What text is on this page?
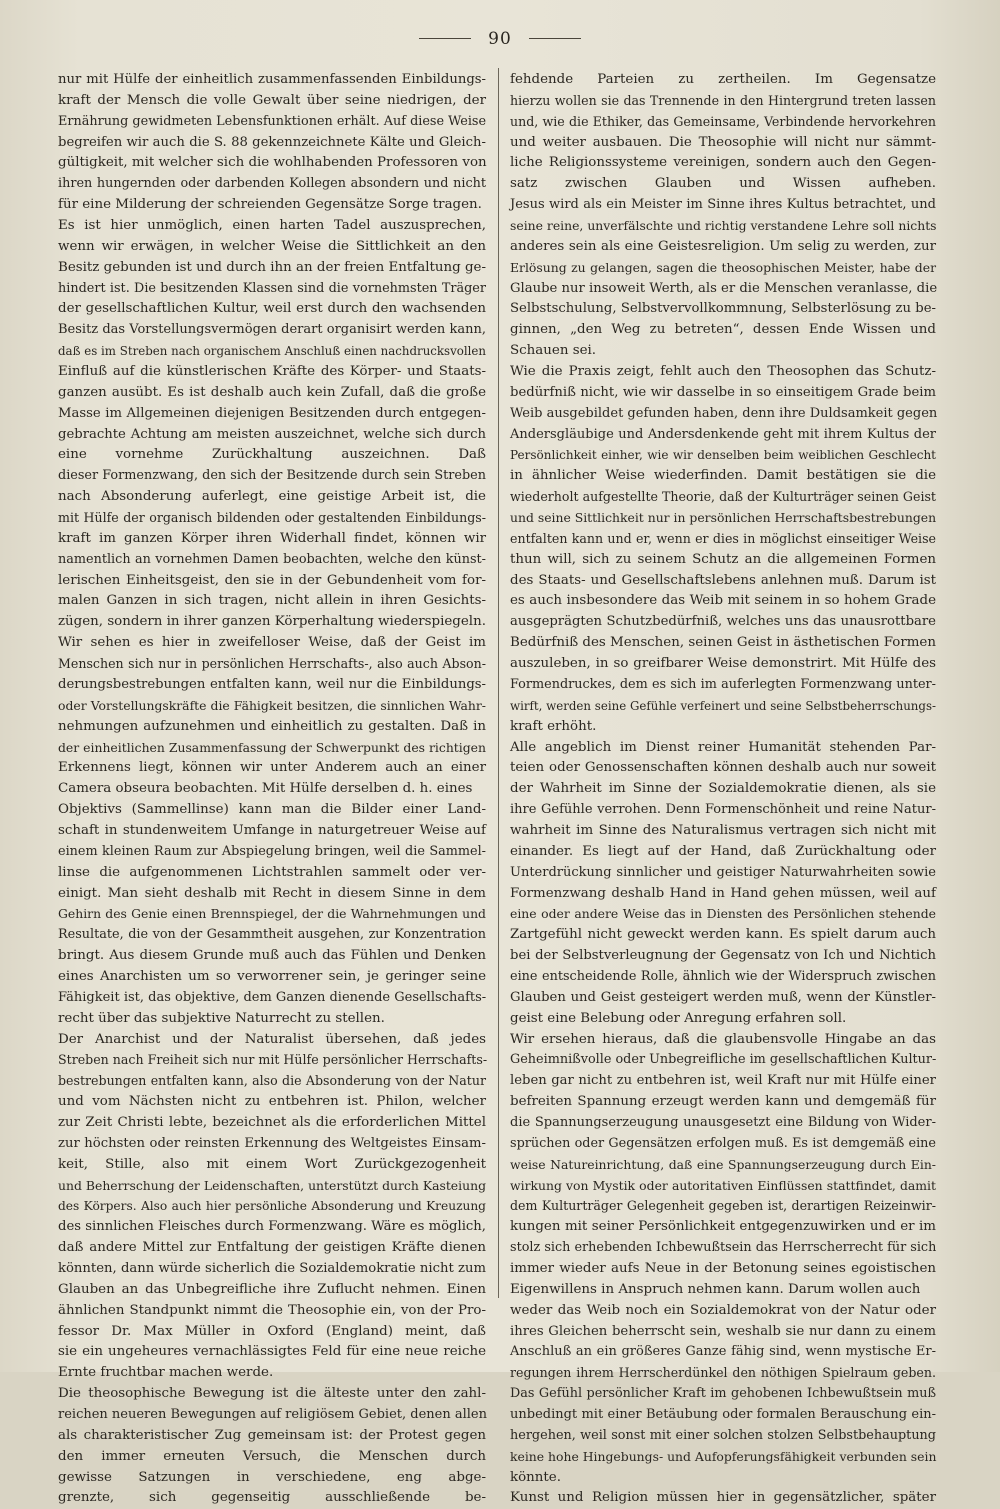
90
nur mit Hülfe der einheitlich zusammenfassenden Einbildungs-
kraft der Mensch die volle Gewalt über seine niedrigen, der
Ernährung gewidmeten Lebensfunktionen erhält. Auf diese Weise
begreifen wir auch die S. 88 gekennzeichnete Kälte und Gleich-
gültigkeit, mit welcher sich die wohlhabenden Professoren von
ihren hungernden oder darbenden Kollegen absondern und nicht
für eine Milderung der schreienden Gegensätze Sorge tragen.
Es ist hier unmöglich, einen harten Tadel auszusprechen,
wenn wir erwägen, in welcher Weise die Sittlichkeit an den
Besitz gebunden ist und durch ihn an der freien Entfaltung ge-
hindert ist. Die besitzenden Klassen sind die vornehmsten Träger
der gesellschaftlichen Kultur, weil erst durch den wachsenden
Besitz das Vorstellungsvermögen derart organisirt werden kann,
daß es im Streben nach organischem Anschluß einen nachdrucksvollen
Einfluß auf die künstlerischen Kräfte des Körper- und Staats-
ganzen ausübt. Es ist deshalb auch kein Zufall, daß die große
Masse im Allgemeinen diejenigen Besitzenden durch entgegen-
gebrachte Achtung am meisten auszeichnet, welche sich durch
eine vornehme Zurückhaltung auszeichnen. Daß
dieser Formenzwang, den sich der Besitzende durch sein Streben
nach Absonderung auferlegt, eine geistige Arbeit ist, die
mit Hülfe der organisch bildenden oder gestaltenden Einbildungs-
kraft im ganzen Körper ihren Widerhall findet, können wir
namentlich an vornehmen Damen beobachten, welche den künst-
lerischen Einheitsgeist, den sie in der Gebundenheit vom for-
malen Ganzen in sich tragen, nicht allein in ihren Gesichts-
zügen, sondern in ihrer ganzen Körperhaltung wiederspiegeln.
Wir sehen es hier in zweifelloser Weise, daß der Geist im
Menschen sich nur in persönlichen Herrschafts-, also auch Abson-
derungsbestrebungen entfalten kann, weil nur die Einbildungs-
oder Vorstellungskräfte die Fähigkeit besitzen, die sinnlichen Wahr-
nehmungen aufzunehmen und einheitlich zu gestalten. Daß in
der einheitlichen Zusammenfassung der Schwerpunkt des richtigen
Erkennens liegt, können wir unter Anderem auch an einer
Camera obseura beobachten. Mit Hülfe derselben d. h. eines
Objektivs (Sammellinse) kann man die Bilder einer Land-
schaft in stundenweitem Umfange in naturgetreuer Weise auf
einem kleinen Raum zur Abspiegelung bringen, weil die Sammel-
linse die aufgenommenen Lichtstrahlen sammelt oder ver-
einigt. Man sieht deshalb mit Recht in diesem Sinne in dem
Gehirn des Genie einen Brennspiegel, der die Wahrnehmungen und
Resultate, die von der Gesammtheit ausgehen, zur Konzentration
bringt. Aus diesem Grunde muß auch das Fühlen und Denken
eines Anarchisten um so verworrener sein, je geringer seine
Fähigkeit ist, das objektive, dem Ganzen dienende Gesellschafts-
recht über das subjektive Naturrecht zu stellen.
Der Anarchist und der Naturalist übersehen, daß jedes
Streben nach Freiheit sich nur mit Hülfe persönlicher Herrschafts-
bestrebungen entfalten kann, also die Absonderung von der Natur
und vom Nächsten nicht zu entbehren ist. Philon, welcher
zur Zeit Christi lebte, bezeichnet als die erforderlichen Mittel
zur höchsten oder reinsten Erkennung des Weltgeistes Einsam-
keit, Stille, also mit einem Wort Zurückgezogenheit
und Beherrschung der Leidenschaften, unterstützt durch Kasteiung
des Körpers. Also auch hier persönliche Absonderung und Kreuzung
des sinnlichen Fleisches durch Formenzwang. Wäre es möglich,
daß andere Mittel zur Entfaltung der geistigen Kräfte dienen
könnten, dann würde sicherlich die Sozialdemokratie nicht zum
Glauben an das Unbegreifliche ihre Zuflucht nehmen. Einen
ähnlichen Standpunkt nimmt die Theosophie ein, von der Pro-
fessor Dr. Max Müller in Oxford (England) meint, daß
sie ein ungeheures vernachlässigtes Feld für eine neue reiche
Ernte fruchtbar machen werde.
Die theosophische Bewegung ist die älteste unter den zahl-
reichen neueren Bewegungen auf religiösem Gebiet, denen allen
als charakteristischer Zug gemeinsam ist: der Protest gegen
den immer erneuten Versuch, die Menschen durch
gewisse Satzungen in verschiedene, eng abge-
grenzte, sich gegenseitig ausschließende be-
fehdende Parteien zu zertheilen. Im Gegensatze
hierzu wollen sie das Trennende in den Hintergrund treten lassen
und, wie die Ethiker, das Gemeinsame, Verbindende hervorkehren
und weiter ausbauen. Die Theosophie will nicht nur sämmt-
liche Religionssysteme vereinigen, sondern auch den Gegen-
satz zwischen Glauben und Wissen aufheben.
Jesus wird als ein Meister im Sinne ihres Kultus betrachtet, und
seine reine, unverfälschte und richtig verstandene Lehre soll nichts
anderes sein als eine Geistesreligion. Um selig zu werden, zur
Erlösung zu gelangen, sagen die theosophischen Meister, habe der
Glaube nur insoweit Werth, als er die Menschen veranlasse, die
Selbstschulung, Selbstvervollkommnung, Selbsterlösung zu be-
ginnen, „den Weg zu betreten“, dessen Ende Wissen und
Schauen sei.
Wie die Praxis zeigt, fehlt auch den Theosophen das Schutz-
bedürfniß nicht, wie wir dasselbe in so einseitigem Grade beim
Weib ausgebildet gefunden haben, denn ihre Duldsamkeit gegen
Andersgläubige und Andersdenkende geht mit ihrem Kultus der
Persönlichkeit einher, wie wir denselben beim weiblichen Geschlecht
in ähnlicher Weise wiederfinden. Damit bestätigen sie die
wiederholt aufgestellte Theorie, daß der Kulturträger seinen Geist
und seine Sittlichkeit nur in persönlichen Herrschaftsbestrebungen
entfalten kann und er, wenn er dies in möglichst einseitiger Weise
thun will, sich zu seinem Schutz an die allgemeinen Formen
des Staats- und Gesellschaftslebens anlehnen muß. Darum ist
es auch insbesondere das Weib mit seinem in so hohem Grade
ausgeprägten Schutzbedürfniß, welches uns das unausrottbare
Bedürfniß des Menschen, seinen Geist in ästhetischen Formen
auszuleben, in so greifbarer Weise demonstrirt. Mit Hülfe des
Formendruckes, dem es sich im auferlegten Formenzwang unter-
wirft, werden seine Gefühle verfeinert und seine Selbstbeherrschungs-
kraft erhöht.
Alle angeblich im Dienst reiner Humanität stehenden Par-
teien oder Genossenschaften können deshalb auch nur soweit
der Wahrheit im Sinne der Sozialdemokratie dienen, als sie
ihre Gefühle verrohen. Denn Formenschönheit und reine Natur-
wahrheit im Sinne des Naturalismus vertragen sich nicht mit
einander. Es liegt auf der Hand, daß Zurückhaltung oder
Unterdrückung sinnlicher und geistiger Naturwahrheiten sowie
Formenzwang deshalb Hand in Hand gehen müssen, weil auf
eine oder andere Weise das in Diensten des Persönlichen stehende
Zartgefühl nicht geweckt werden kann. Es spielt darum auch
bei der Selbstverleugnung der Gegensatz von Ich und Nichtich
eine entscheidende Rolle, ähnlich wie der Widerspruch zwischen
Glauben und Geist gesteigert werden muß, wenn der Künstler-
geist eine Belebung oder Anregung erfahren soll.
Wir ersehen hieraus, daß die glaubensvolle Hingabe an das
Geheimnißvolle oder Unbegreifliche im gesellschaftlichen Kultur-
leben gar nicht zu entbehren ist, weil Kraft nur mit Hülfe einer
befreiten Spannung erzeugt werden kann und demgemäß für
die Spannungserzeugung unausgesetzt eine Bildung von Wider-
sprüchen oder Gegensätzen erfolgen muß. Es ist demgemäß eine
weise Natureinrichtung, daß eine Spannungserzeugung durch Ein-
wirkung von Mystik oder autoritativen Einflüssen stattfindet, damit
dem Kulturträger Gelegenheit gegeben ist, derartigen Reizeinwir-
kungen mit seiner Persönlichkeit entgegenzuwirken und er im
stolz sich erhebenden Ichbewußtsein das Herrscherrecht für sich
immer wieder aufs Neue in der Betonung seines egoistischen
Eigenwillens in Anspruch nehmen kann. Darum wollen auch
weder das Weib noch ein Sozialdemokrat von der Natur oder
ihres Gleichen beherrscht sein, weshalb sie nur dann zu einem
Anschluß an ein größeres Ganze fähig sind, wenn mystische Er-
regungen ihrem Herrscherdünkel den nöthigen Spielraum geben.
Das Gefühl persönlicher Kraft im gehobenen Ichbewußtsein muß
unbedingt mit einer Betäubung oder formalen Berauschung ein-
hergehen, weil sonst mit einer solchen stolzen Selbstbehauptung
keine hohe Hingebungs- und Aufopferungsfähigkeit verbunden sein
könnte.
Kunst und Religion müssen hier in gegensätzlicher, später
